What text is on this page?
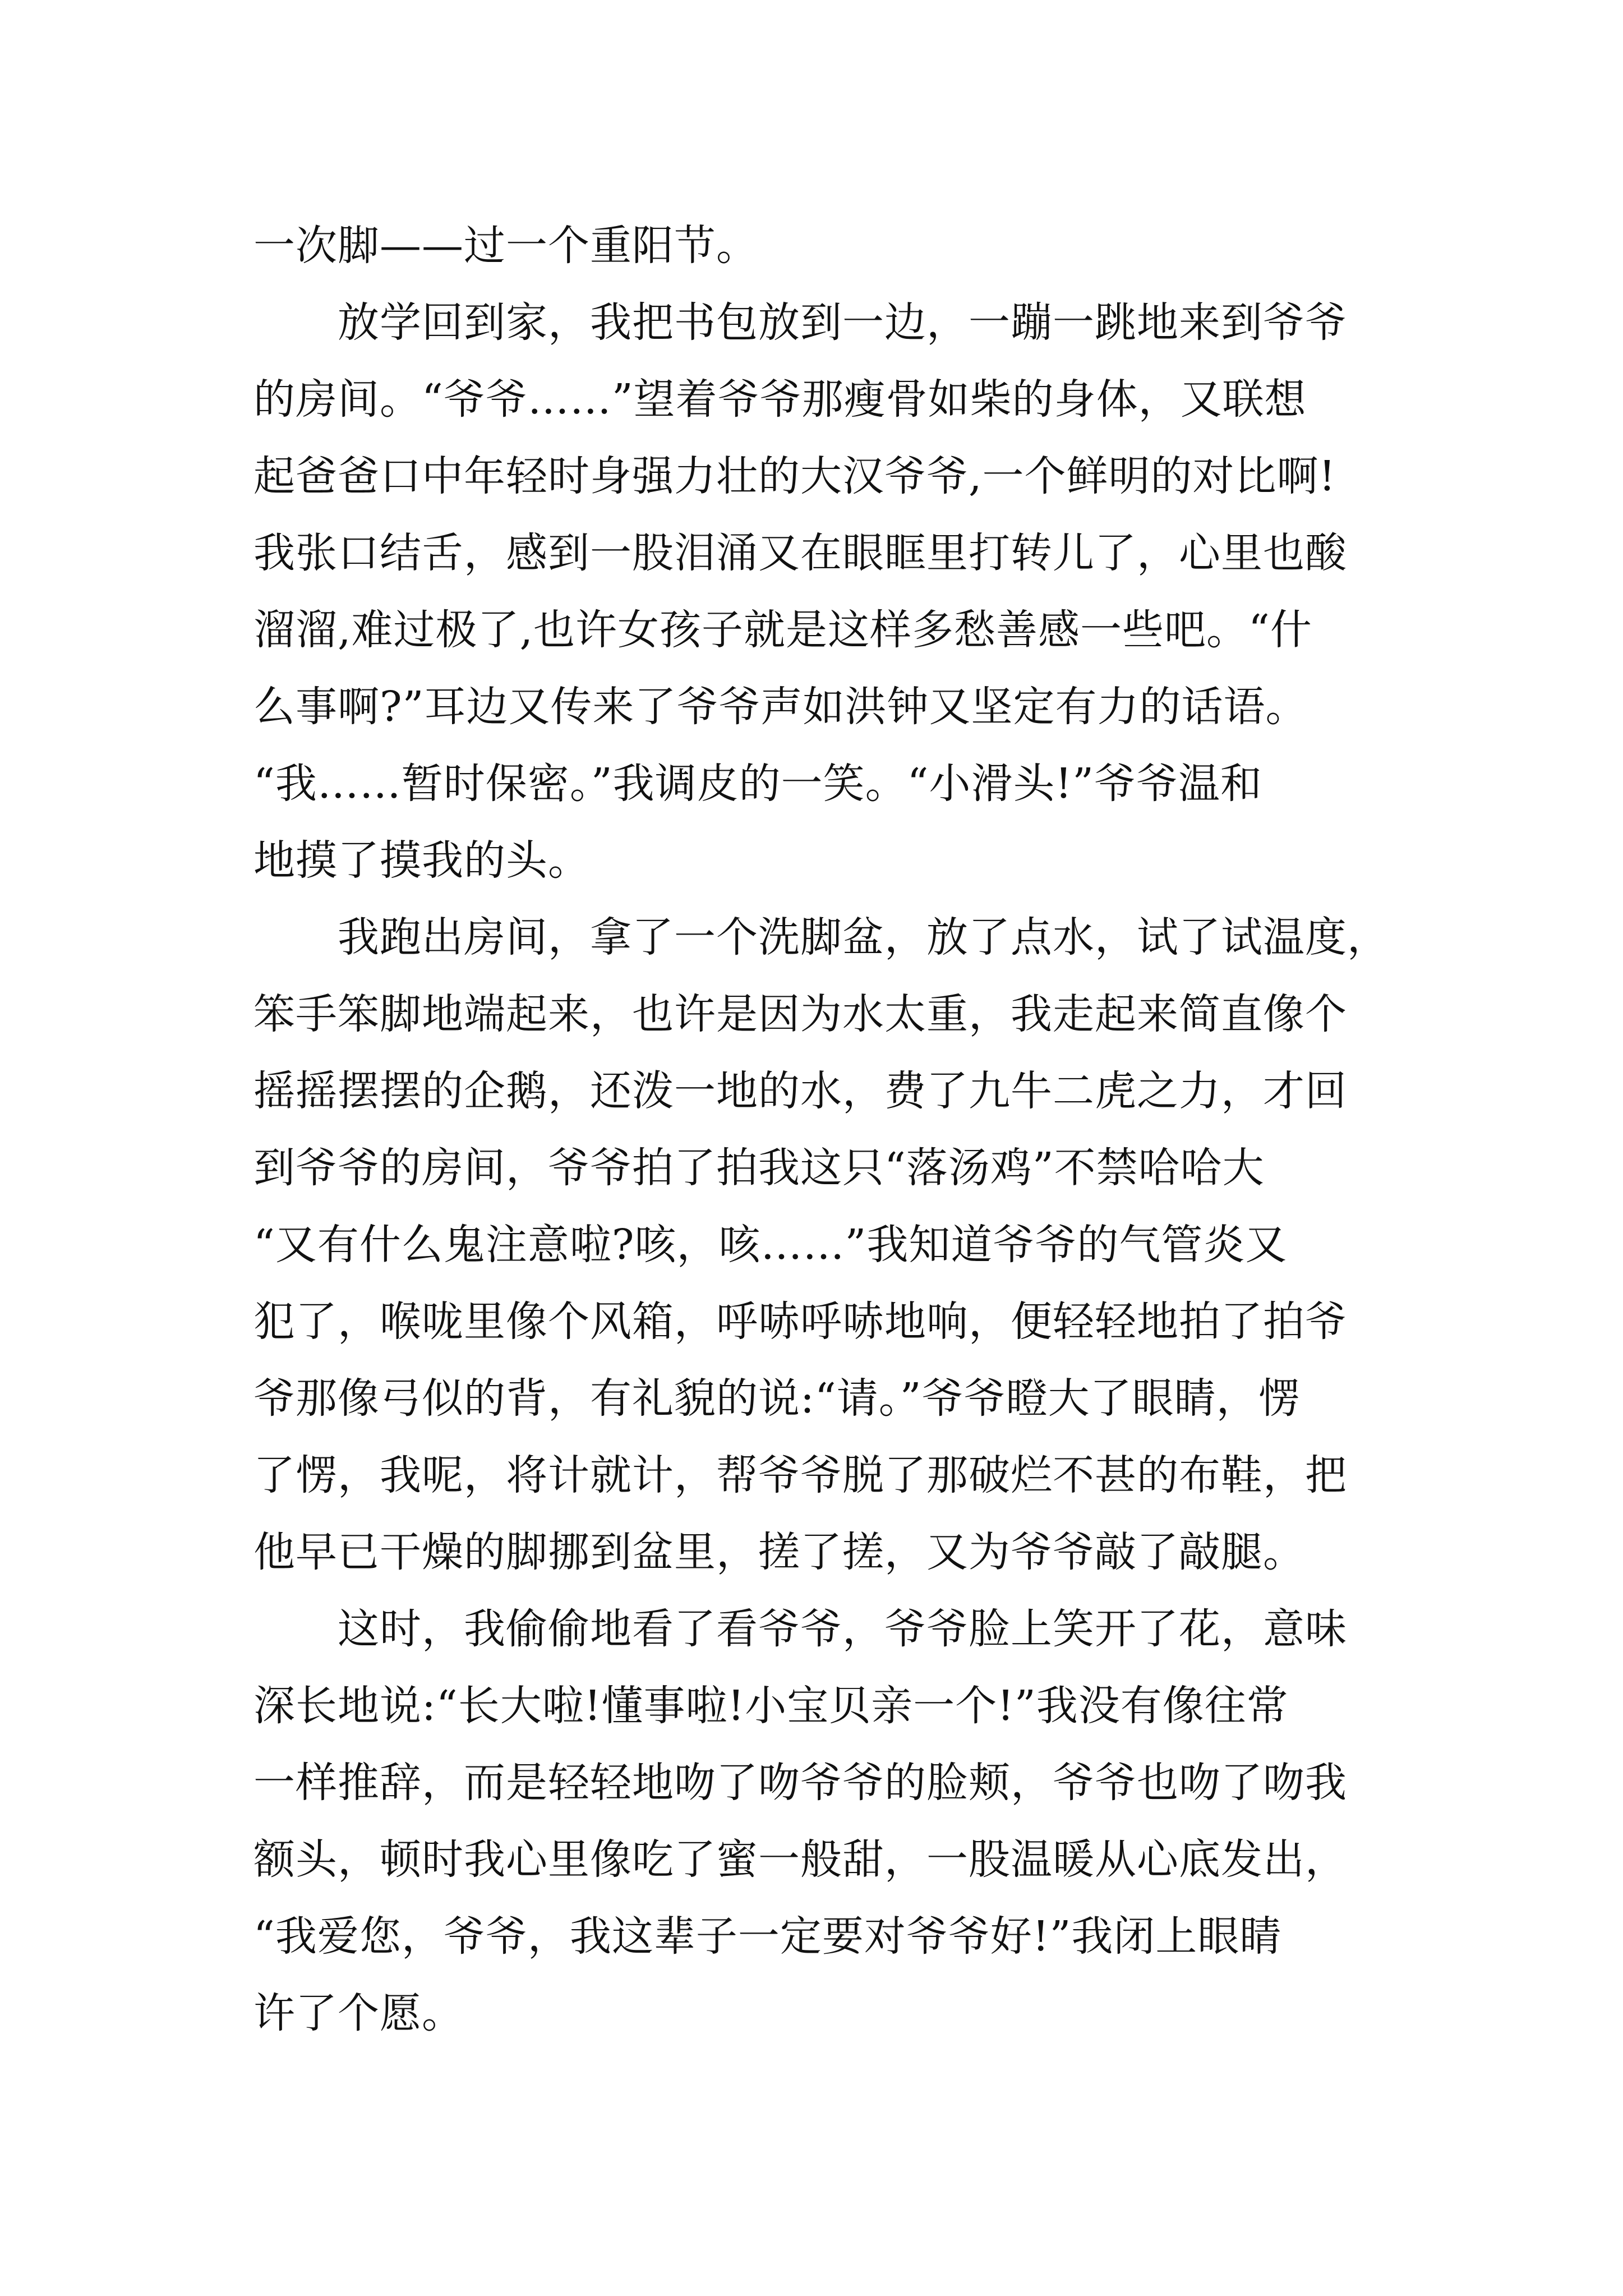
一次脚——过一个重阳节。
　　放学回到家，我把书包放到一边，一蹦一跳地来到爷爷
的房间。“爷爷……”望着爷爷那瘦骨如柴的身体，又联想
起爸爸口中年轻时身强力壮的大汉爷爷,一个鲜明的对比啊!
我张口结舌，感到一股泪涌又在眼眶里打转儿了，心里也酸
溜溜,难过极了,也许女孩子就是这样多愁善感一些吧。“什
么事啊?”耳边又传来了爷爷声如洪钟又坚定有力的话语。
“我……暂时保密。”我调皮的一笑。“小滑头!”爷爷温和
地摸了摸我的头。
　　我跑出房间，拿了一个洗脚盆，放了点水，试了试温度，
笨手笨脚地端起来，也许是因为水太重，我走起来简直像个
摇摇摆摆的企鹅，还泼一地的水，费了九牛二虎之力，才回
到爷爷的房间，爷爷拍了拍我这只“落汤鸡”不禁哈哈大
“又有什么鬼注意啦?咳，咳……”我知道爷爷的气管炎又
犯了，喉咙里像个风箱，呼哧呼哧地响，便轻轻地拍了拍爷
爷那像弓似的背，有礼貌的说:“请。”爷爷瞪大了眼睛，愣
了愣，我呢，将计就计，帮爷爷脱了那破烂不甚的布鞋，把
他早已干燥的脚挪到盆里，搓了搓，又为爷爷敲了敲腿。
　　这时，我偷偷地看了看爷爷，爷爷脸上笑开了花，意味
深长地说:“长大啦!懂事啦!小宝贝亲一个!”我没有像往常
一样推辞，而是轻轻地吻了吻爷爷的脸颊，爷爷也吻了吻我
额头，顿时我心里像吃了蜜一般甜，一股温暖从心底发出，
“我爱您，爷爷，我这辈子一定要对爷爷好!”我闭上眼睛
许了个愿。
